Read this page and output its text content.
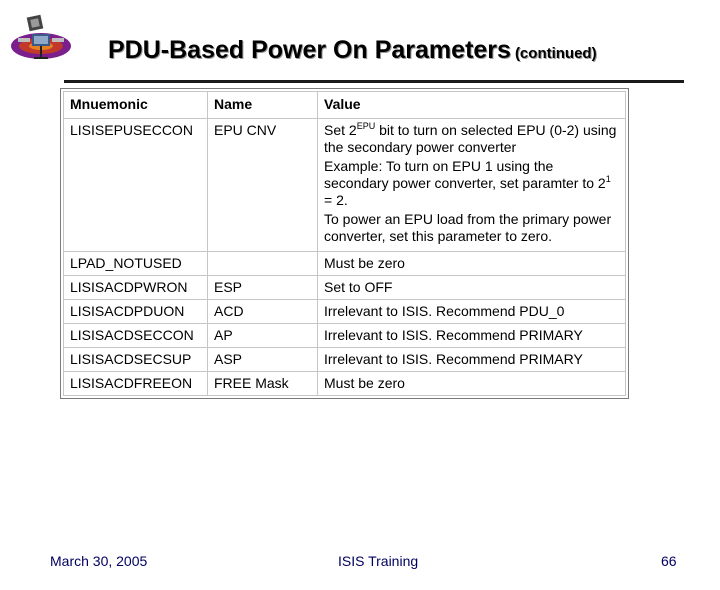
PDU-Based Power On Parameters (continued)
Mnuemonic	Name	Value
LISISEPUSECCON	EPU CNV	Set $2^{EPU}$ bit to turn on selected EPU (0-2) using the secondary power converter

Example: To turn on EPU 1 using the secondary power converter, set paramter to $2^1 = 2$.

To power an EPU load from the primary power converter, set this parameter to zero.

LPAD_NOTUSED		Must be zero
LISISACDPWRON	ESP	Set to OFF
LISISACDPDUON	ACD	Irrelevant to ISIS. Recommend PDU_0
LISISACDSECCON	AP	Irrelevant to ISIS. Recommend PRIMARY
LISISACDSECSUP	ASP	Irrelevant to ISIS. Recommend PRIMARY
LISISACDFREEON	FREE Mask	Must be zero
March 30, 2005	ISIS Training	66
